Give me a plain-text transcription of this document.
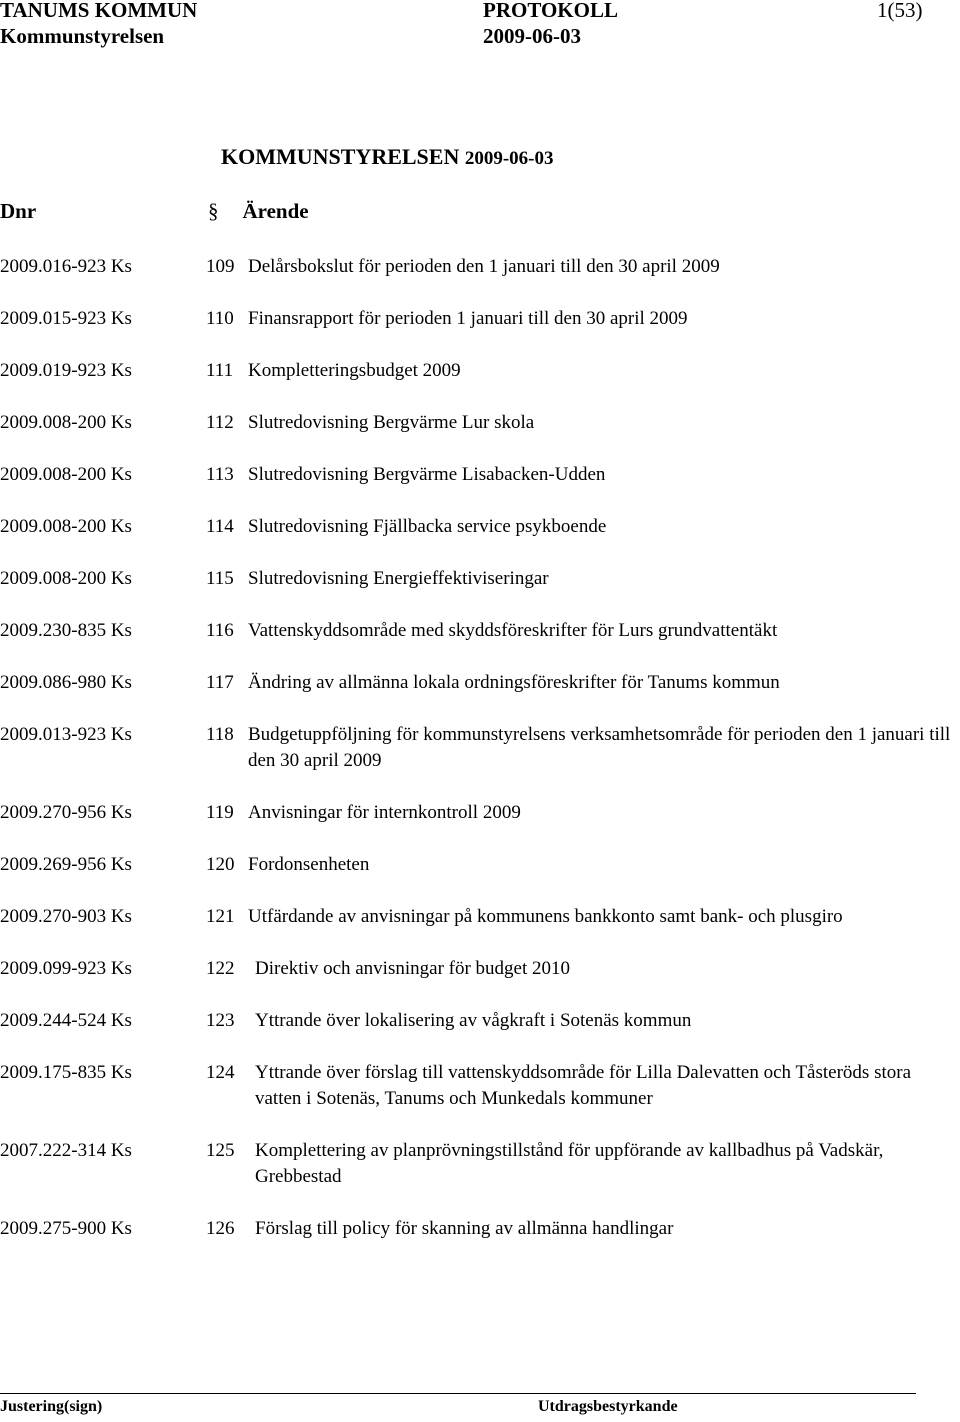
TANUMS KOMMUN	PROTOKOLL	1(53)
Kommunstyrelsen	2009-06-03
KOMMUNSTYRELSEN 2009-06-03
Dnr	§ Ärende
2009.016-923 Ks	109 Delårsbokslut för perioden den 1 januari till den 30 april 2009
2009.015-923 Ks	110 Finansrapport för perioden 1 januari till den 30 april 2009
2009.019-923 Ks	111 Kompletteringsbudget 2009
2009.008-200 Ks	112 Slutredovisning Bergvärme Lur skola
2009.008-200 Ks	113 Slutredovisning Bergvärme Lisabacken-Udden
2009.008-200 Ks	114 Slutredovisning Fjällbacka service psykboende
2009.008-200 Ks	115 Slutredovisning Energieffektiviseringar
2009.230-835 Ks	116 Vattenskyddsområde med skyddsföreskrifter för Lurs grundvattentäkt
2009.086-980 Ks	117 Ändring av allmänna lokala ordningsföreskrifter för Tanums kommun
2009.013-923 Ks	118 Budgetuppföljning för kommunstyrelsens verksamhetsområde för perioden den 1 januari till den 30 april 2009
2009.270-956 Ks	119 Anvisningar för internkontroll 2009
2009.269-956 Ks	120 Fordonsenheten
2009.270-903 Ks	121 Utfärdande av anvisningar på kommunens bankkonto samt bank- och plusgiro
2009.099-923 Ks	122 Direktiv och anvisningar för budget 2010
2009.244-524 Ks	123 Yttrande över lokalisering av vågkraft i Sotenäs kommun
2009.175-835 Ks	124 Yttrande över förslag till vattenskyddsområde för Lilla Dalevatten och Tåsteröds stora vatten i Sotenäs, Tanums och Munkedals kommuner
2007.222-314 Ks	125 Komplettering av planprövningstillstånd för uppförande av kallbadhus på Vadskär, Grebbestad
2009.275-900 Ks	126 Förslag till policy för skanning av allmänna handlingar
Justering(sign)	Utdragsbestyrkande
